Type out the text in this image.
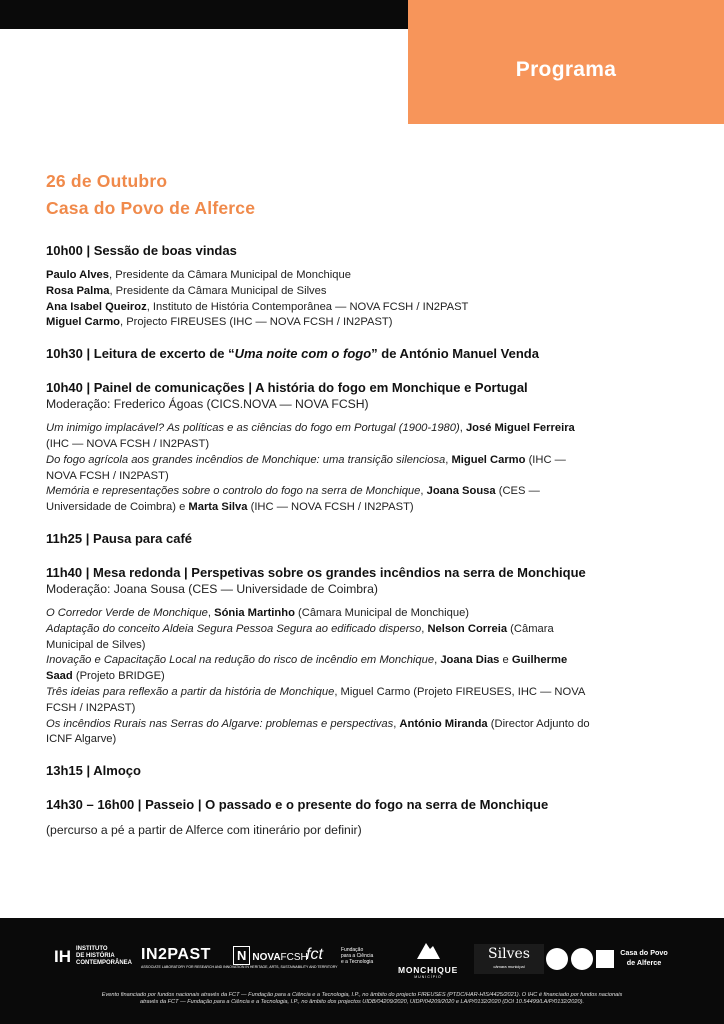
Programa
26 de Outubro
Casa do Povo de Alferce
10h00 | Sessão de boas vindas
Paulo Alves, Presidente da Câmara Municipal de Monchique
Rosa Palma, Presidente da Câmara Municipal de Silves
Ana Isabel Queiroz, Instituto de História Contemporânea — NOVA FCSH / IN2PAST
Miguel Carmo, Projecto FIREUSES (IHC — NOVA FCSH / IN2PAST)
10h30 | Leitura de excerto de “Uma noite com o fogo” de António Manuel Venda
10h40 | Painel de comunicações | A história do fogo em Monchique e Portugal
Moderação: Frederico Ágoas (CICS.NOVA — NOVA FCSH)
Um inimigo implacável? As políticas e as ciências do fogo em Portugal (1900-1980), José Miguel Ferreira
(IHC — NOVA FCSH / IN2PAST)
Do fogo agrícola aos grandes incêndios de Monchique: uma transição silenciosa, Miguel Carmo (IHC —
NOVA FCSH / IN2PAST)
Memória e representações sobre o controlo do fogo na serra de Monchique, Joana Sousa (CES —
Universidade de Coimbra) e Marta Silva (IHC — NOVA FCSH / IN2PAST)
11h25 | Pausa para café
11h40 | Mesa redonda | Perspetivas sobre os grandes incêndios na serra de Monchique
Moderação: Joana Sousa (CES — Universidade de Coimbra)
O Corredor Verde de Monchique, Sónia Martinho (Câmara Municipal de Monchique)
Adaptação do conceito Aldeia Segura Pessoa Segura ao edificado disperso, Nelson Correia (Câmara
Municipal de Silves)
Inovação e Capacitação Local na redução do risco de incêndio em Monchique, Joana Dias e Guilherme
Saad (Projeto BRIDGE)
Três ideias para reflexão a partir da história de Monchique, Miguel Carmo (Projeto FIREUSES, IHC — NOVA
FCSH / IN2PAST)
Os incêndios Rurais nas Serras do Algarve: problemas e perspectivas, António Miranda (Director Adjunto do
ICNF Algarve)
13h15 | Almoço
14h30 – 16h00 | Passeio | O passado e o presente do fogo na serra de Monchique
(percurso a pé a partir de Alferce com itinerário por definir)
IH INSTITUTO
DE HISTÓRIA
CONTEMPORÂNEA IN2PAST
ASSOCIATE LABORATORY FOR RESEARCH AND INNOVATION IN HERITAGE, ARTS, SUSTAINABILITY AND TERRITORY
N NOVAFCSH
fct	Fundação
para a Ciência
e a Tecnologia
MONCHIQUE
MUNICÍPIO
Silves
câmara municipal
Casa do Povo
de Alferce
Evento financiado por fundos nacionais através da FCT — Fundação para a Ciência e a Tecnologia, I.P., no âmbito do projecto FIREUSES (PTDC/HAR-HIS/4425/2021). O IHC é financiado por fundos nacionais
através da FCT — Fundação para a Ciência e a Tecnologia, I.P., no âmbito dos projectos UIDB/04209/2020, UIDP/04209/2020 e LA/P/0132/2020 (DOI 10.54499/LA/P/0132/2020).
